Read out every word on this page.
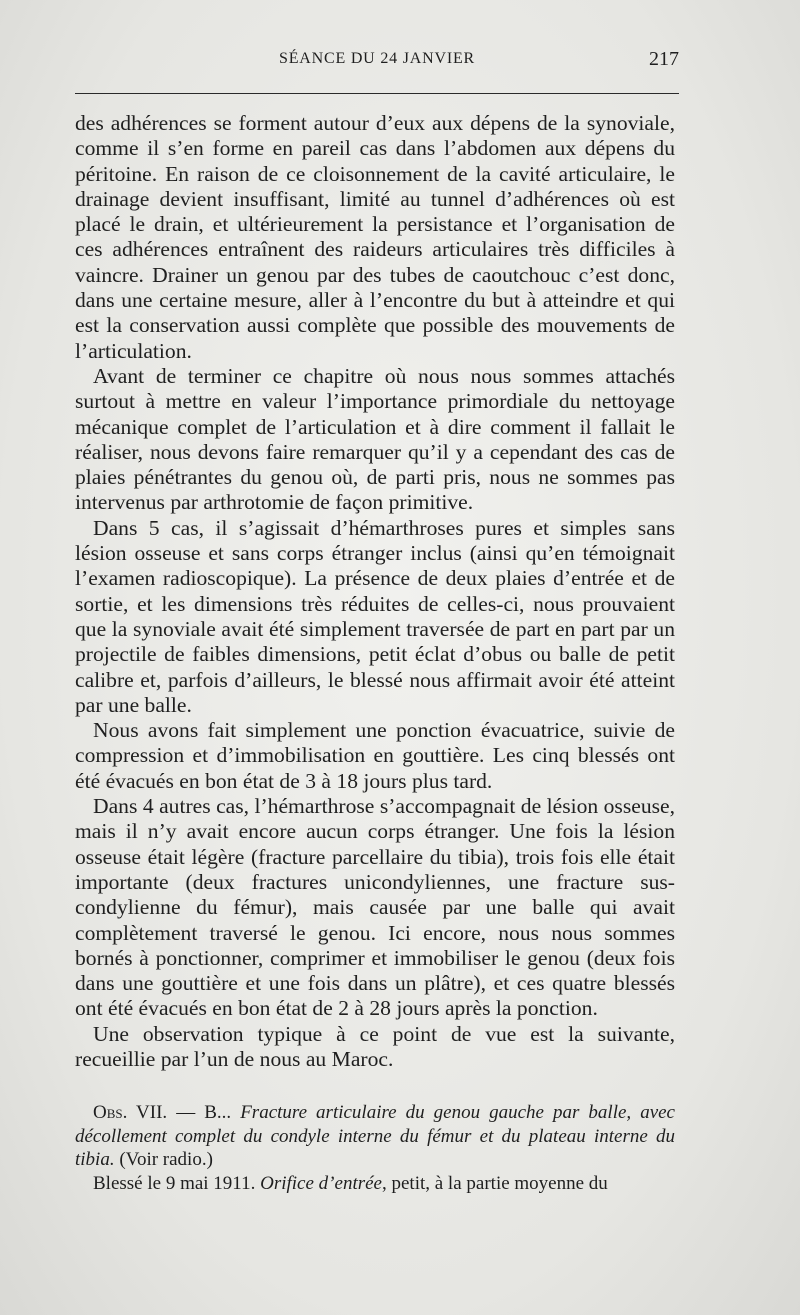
SÉANCE DU 24 JANVIER	217

des adhérences se forment autour d’eux aux dépens de la synoviale, comme il s’en forme en pareil cas dans l’abdomen aux dépens du péritoine. En raison de ce cloisonnement de la cavité articulaire, le drainage devient insuffisant, limité au tunnel d’adhérences où est placé le drain, et ultérieurement la persistance et l’organisation de ces adhérences entraînent des raideurs articulaires très difficiles à vaincre. Drainer un genou par des tubes de caoutchouc c’est donc, dans une certaine mesure, aller à l’encontre du but à atteindre et qui est la conservation aussi complète que possible des mouvements de l’articulation.

Avant de terminer ce chapitre où nous nous sommes attachés surtout à mettre en valeur l’importance primordiale du nettoyage mécanique complet de l’articulation et à dire comment il fallait le réaliser, nous devons faire remarquer qu’il y a cependant des cas de plaies pénétrantes du genou où, de parti pris, nous ne sommes pas intervenus par arthrotomie de façon primitive.

Dans 5 cas, il s’agissait d’hémarthroses pures et simples sans lésion osseuse et sans corps étranger inclus (ainsi qu’en témoignait l’examen radioscopique). La présence de deux plaies d’entrée et de sortie, et les dimensions très réduites de celles-ci, nous prouvaient que la synoviale avait été simplement traversée de part en part par un projectile de faibles dimensions, petit éclat d’obus ou balle de petit calibre et, parfois d’ailleurs, le blessé nous affirmait avoir été atteint par une balle.

Nous avons fait simplement une ponction évacuatrice, suivie de compression et d’immobilisation en gouttière. Les cinq blessés ont été évacués en bon état de 3 à 18 jours plus tard.

Dans 4 autres cas, l’hémarthrose s’accompagnait de lésion osseuse, mais il n’y avait encore aucun corps étranger. Une fois la lésion osseuse était légère (fracture parcellaire du tibia), trois fois elle était importante (deux fractures unicondyliennes, une fracture sus-condylienne du fémur), mais causée par une balle qui avait complètement traversé le genou. Ici encore, nous nous sommes bornés à ponctionner, comprimer et immobiliser le genou (deux fois dans une gouttière et une fois dans un plâtre), et ces quatre blessés ont été évacués en bon état de 2 à 28 jours après la ponction.

Une observation typique à ce point de vue est la suivante, recueillie par l’un de nous au Maroc.

Obs. VII. — B... Fracture articulaire du genou gauche par balle, avec décollement complet du condyle interne du fémur et du plateau interne du tibia. (Voir radio.)

Blessé le 9 mai 1911. Orifice d’entrée, petit, à la partie moyenne du
